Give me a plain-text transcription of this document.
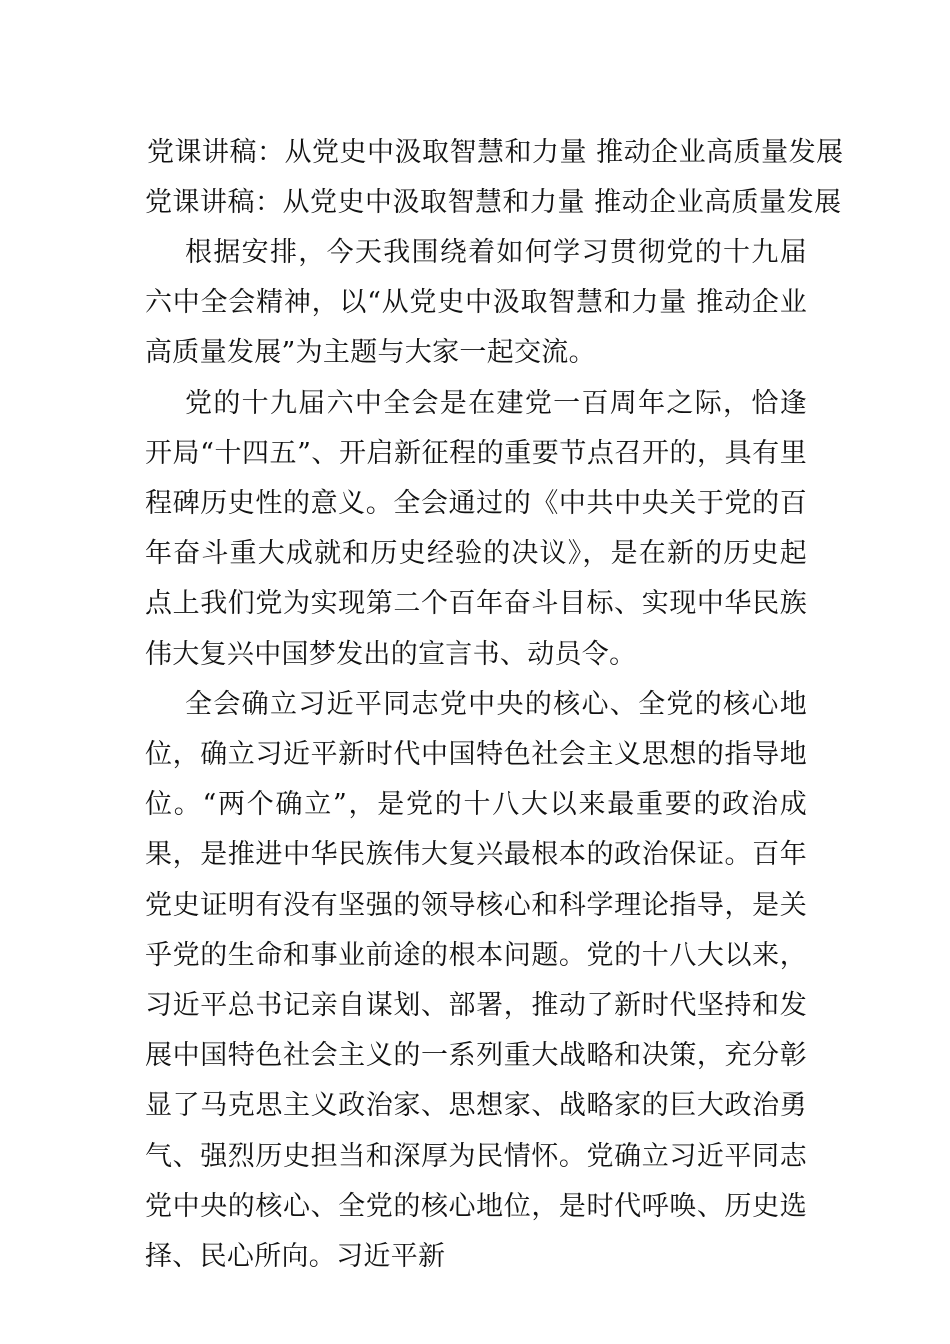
党课讲稿：从党史中汲取智慧和力量 推动企业高质量发展
党课讲稿：从党史中汲取智慧和力量 推动企业高质量发展

根据安排，今天我围绕着如何学习贯彻党的十九届六中全会精神，以“从党史中汲取智慧和力量 推动企业高质量发展”为主题与大家一起交流。

党的十九届六中全会是在建党一百周年之际，恰逢开局“十四五”、开启新征程的重要节点召开的，具有里程碑历史性的意义。全会通过的《中共中央关于党的百年奋斗重大成就和历史经验的决议》，是在新的历史起点上我们党为实现第二个百年奋斗目标、实现中华民族伟大复兴中国梦发出的宣言书、动员令。

全会确立习近平同志党中央的核心、全党的核心地位，确立习近平新时代中国特色社会主义思想的指导地位。“两个确立”，是党的十八大以来最重要的政治成果，是推进中华民族伟大复兴最根本的政治保证。百年党史证明有没有坚强的领导核心和科学理论指导，是关乎党的生命和事业前途的根本问题。党的十八大以来，习近平总书记亲自谋划、部署，推动了新时代坚持和发展中国特色社会主义的一系列重大战略和决策，充分彰显了马克思主义政治家、思想家、战略家的巨大政治勇气、强烈历史担当和深厚为民情怀。党确立习近平同志党中央的核心、全党的核心地位，是时代呼唤、历史选择、民心所向。习近平新
